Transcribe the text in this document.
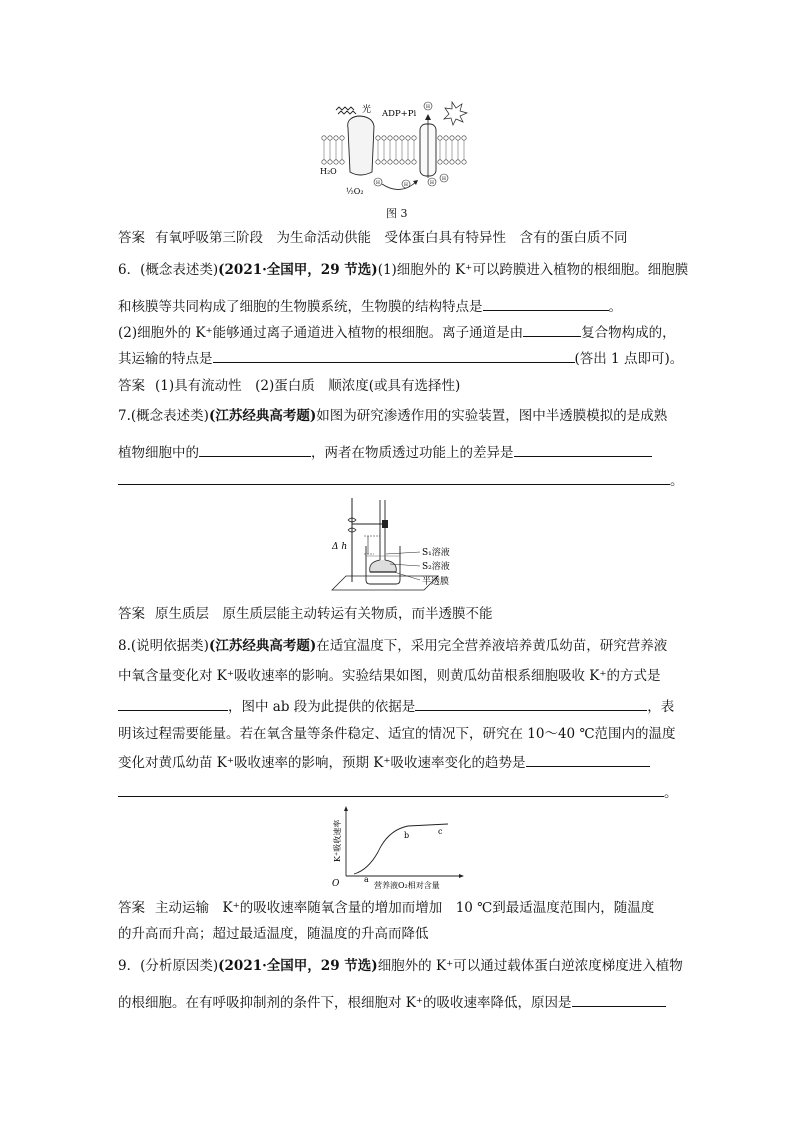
H
H	H	H
H
光 ADP+Pi
H₂O
½O₂
图 3
答案 有氧呼吸第三阶段　为生命活动供能　受体蛋白具有特异性　含有的蛋白质不同
6．(概念表述类)(2021·全国甲，29 节选)(1)细胞外的 K⁺可以跨膜进入植物的根细胞。细胞膜
和核膜等共同构成了细胞的生物膜系统，生物膜的结构特点是	。
(2)细胞外的 K⁺能够通过离子通道进入植物的根细胞。离子通道是由	复合物构成的，
其运输的特点是	(答出 1 点即可)。
答案 (1)具有流动性　(2)蛋白质　顺浓度(或具有选择性)
7.(概念表述类)(江苏经典高考题)如图为研究渗透作用的实验装置，图中半透膜模拟的是成熟
植物细胞中的	，两者在物质透过功能上的差异是
。
Δ h
S₁溶液
S₂溶液
半透膜
答案 原生质层　原生质层能主动转运有关物质，而半透膜不能
8.(说明依据类)(江苏经典高考题)在适宜温度下，采用完全营养液培养黄瓜幼苗，研究营养液
中氧含量变化对 K⁺吸收速率的影响。实验结果如图，则黄瓜幼苗根系细胞吸收 K⁺的方式是
，图中 ab 段为此提供的依据是	，表
明该过程需要能量。若在氧含量等条件稳定、适宜的情况下，研究在 10～40 ℃范围内的温度
变化对黄瓜幼苗 K⁺吸收速率的影响，预期 K⁺吸收速率变化的趋势是
。
O	a
b	c
营养液O₂相对含量
K⁺吸收速率
答案 主动运输　K⁺的吸收速率随氧含量的增加而增加　10 ℃到最适温度范围内，随温度
的升高而升高；超过最适温度，随温度的升高而降低
9．(分析原因类)(2021·全国甲，29 节选)细胞外的 K⁺可以通过载体蛋白逆浓度梯度进入植物
的根细胞。在有呼吸抑制剂的条件下，根细胞对 K⁺的吸收速率降低，原因是
